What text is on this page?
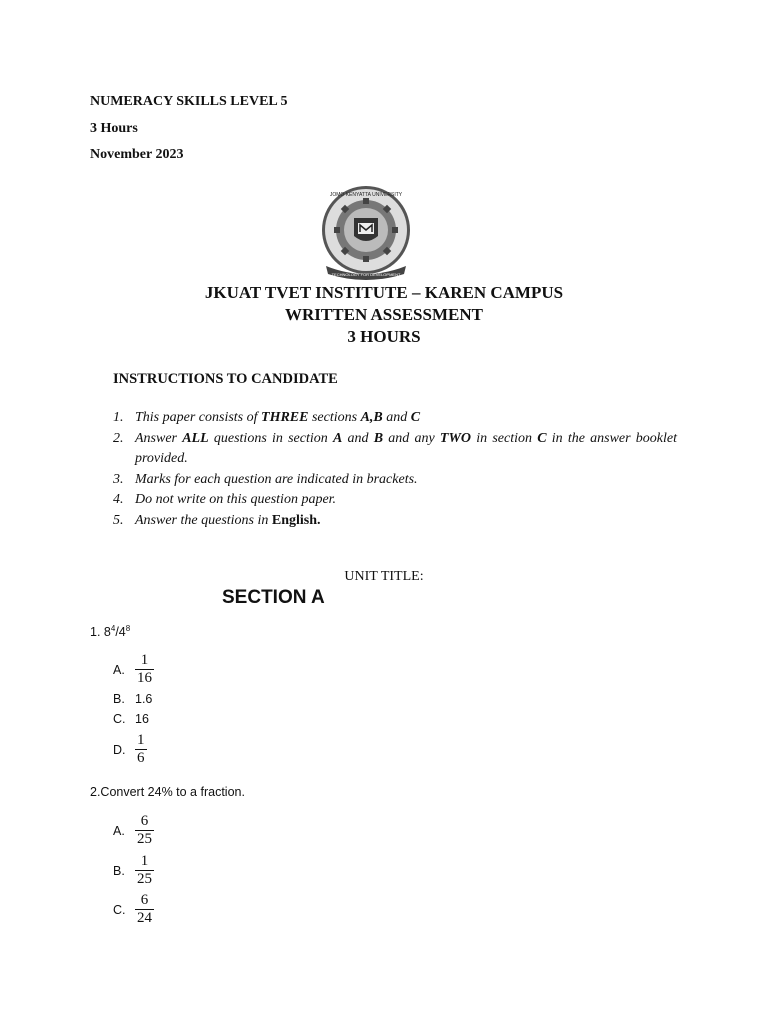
NUMERACY SKILLS LEVEL 5
3 Hours
November 2023
JOMO KENYATTA UNIVERSITY
TECHNOLOGY FOR DEVELOPMENT
JKUAT TVET INSTITUTE – KAREN CAMPUS
WRITTEN ASSESSMENT
3 HOURS
INSTRUCTIONS TO CANDIDATE
1. This paper consists of THREE sections A,B and C
2. Answer ALL questions in section A and B and any TWO in section C in the answer booklet provided.
3. Marks for each question are indicated in brackets.
4. Do not write on this question paper.
5. Answer the questions in English.
UNIT TITLE:
SECTION A
1. $8^4/4^8$
A. $\frac{1}{16}$
B. 1.6
C. 16
D. $\frac{1}{6}$
2.Convert 24% to a fraction.
A. $\frac{6}{25}$
B. $\frac{1}{25}$
C. $\frac{6}{24}$
